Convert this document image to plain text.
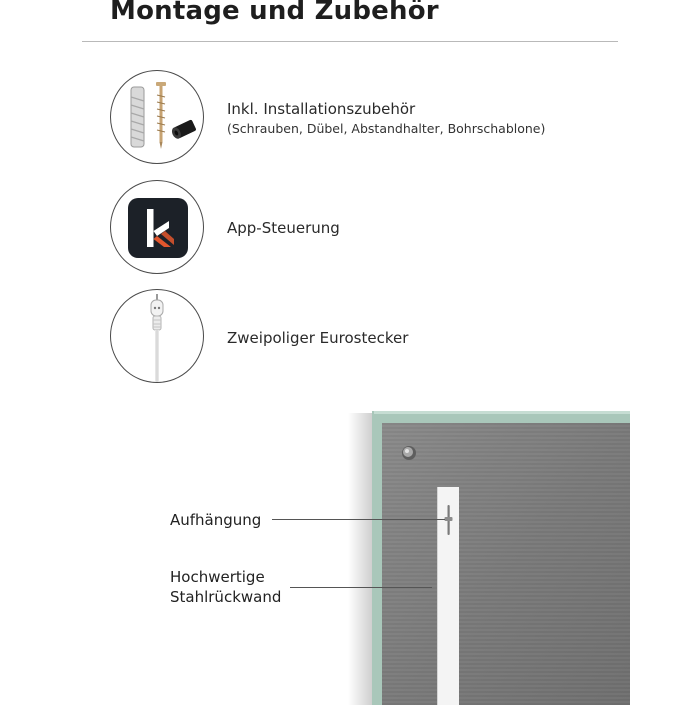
Montage und Zubehör
Inkl. Installationszubehör
(Schrauben, Dübel, Abstandhalter, Bohrschablone)
App-Steuerung
Zweipoliger Eurostecker
Aufhängung
Hochwertige
Stahlrückwand
